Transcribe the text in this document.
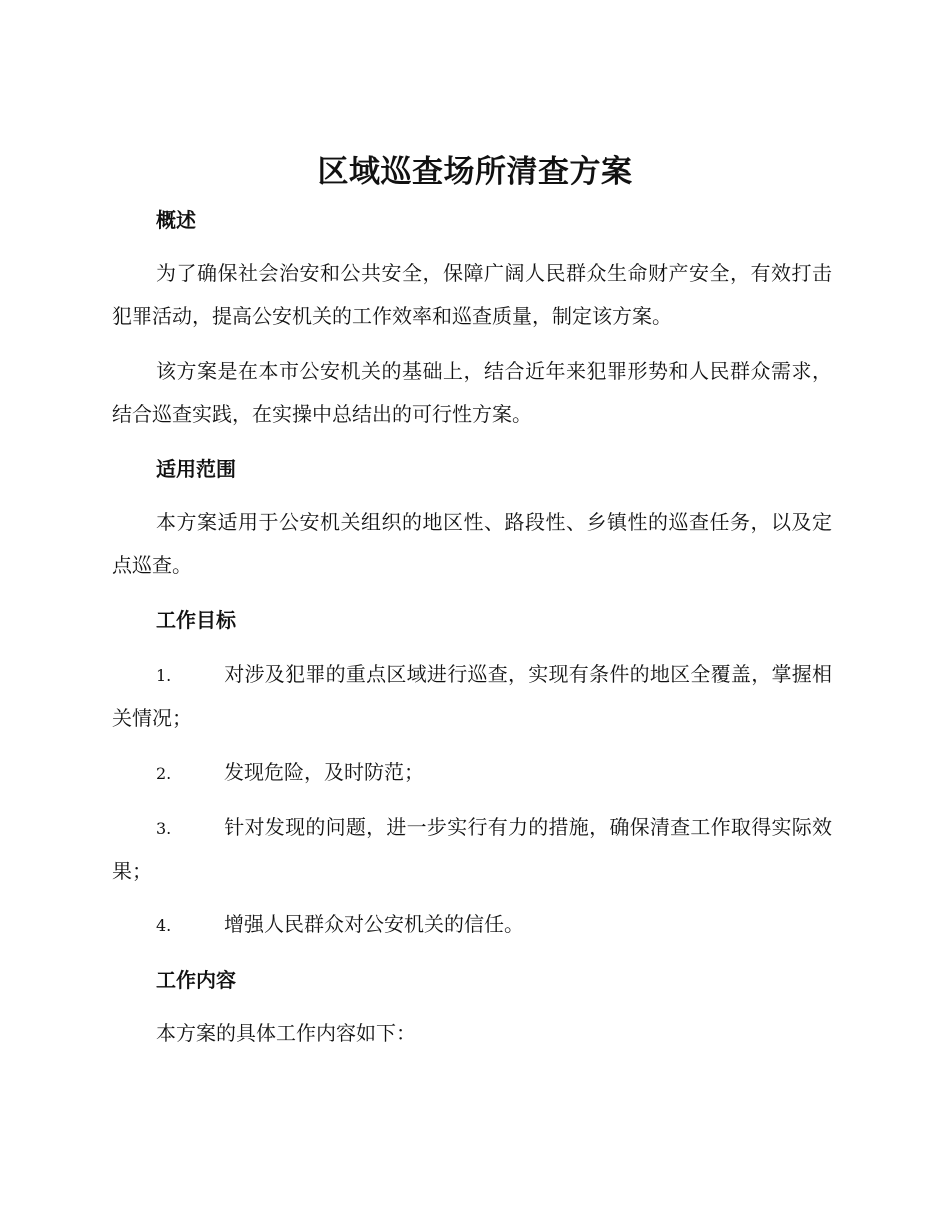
区域巡查场所清查方案
概述

为了确保社会治安和公共安全，保障广阔人民群众生命财产安全，有效打击犯罪活动，提高公安机关的工作效率和巡查质量，制定该方案。

该方案是在本市公安机关的基础上，结合近年来犯罪形势和人民群众需求，结合巡查实践，在实操中总结出的可行性方案。

适用范围

本方案适用于公安机关组织的地区性、路段性、乡镇性的巡查任务，以及定点巡查。

工作目标
1.	对涉及犯罪的重点区域进行巡查，实现有条件的地区全覆盖，掌握相关情况；
2.	发现危险，及时防范；
3.	针对发现的问题，进一步实行有力的措施，确保清查工作取得实际效果；
4.	增强人民群众对公安机关的信任。
工作内容

本方案的具体工作内容如下：
